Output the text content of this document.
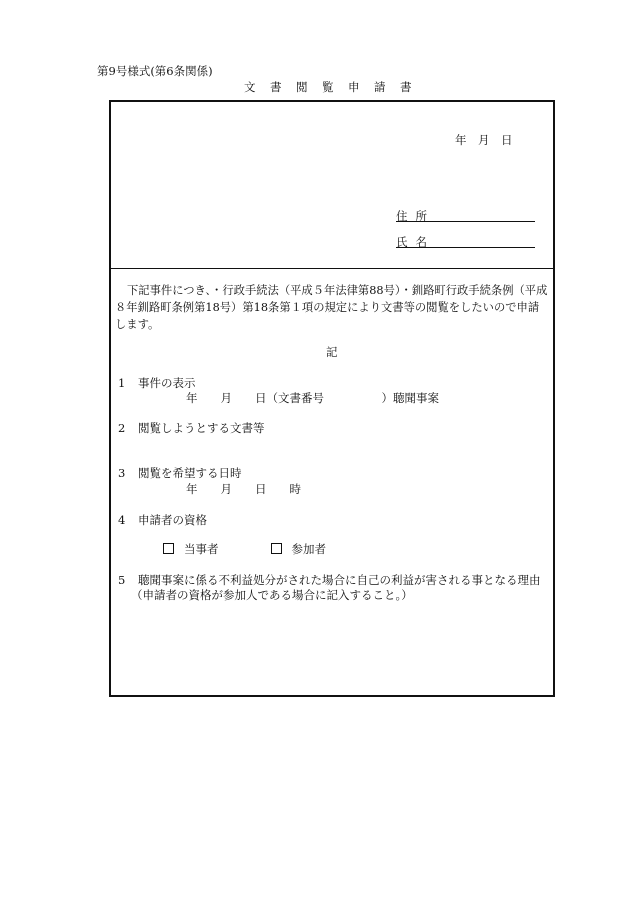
第9号様式(第6条関係)
文書閲覧申請書
年　月　日
住所
氏名
下記事件につき、・行政手続法（平成５年法律第88号）・釧路町行政手続条例（平成８年釧路町条例第18号）第18条第１項の規定により文書等の閲覧をしたいので申請します。
記
1 事件の表示
年　　月　　日（文書番号　　　　　）聴聞事案
2 閲覧しようとする文書等
3 閲覧を希望する日時
年　　月　　日　　時
4 申請者の資格
当事者	参加者
5 聴聞事案に係る不利益処分がされた場合に自己の利益が害される事となる理由
（申請者の資格が参加人である場合に記入すること。）
